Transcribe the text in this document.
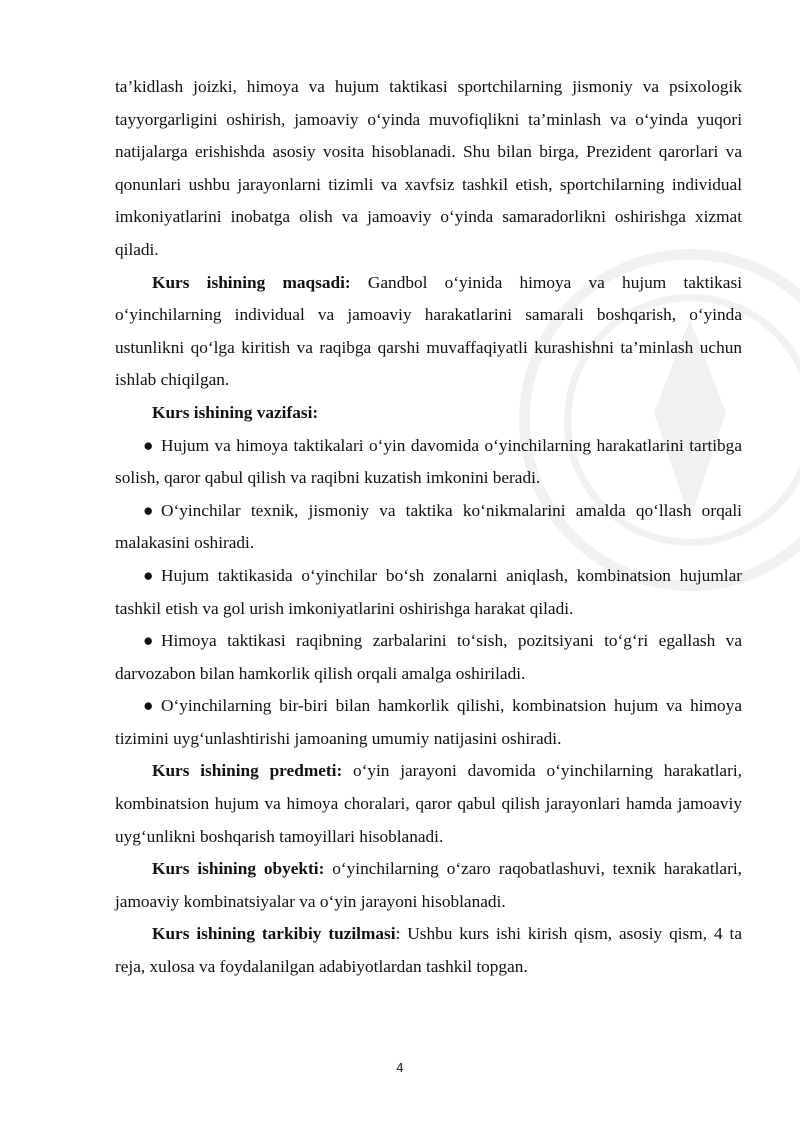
ta’kidlash joizki, himoya va hujum taktikasi sportchilarning jismoniy va psixologik tayyorgarligini oshirish, jamoaviy o‘yinda muvofiqlikni ta’minlash va o‘yinda yuqori natijalarga erishishda asosiy vosita hisoblanadi. Shu bilan birga, Prezident qarorlari va qonunlari ushbu jarayonlarni tizimli va xavfsiz tashkil etish, sportchilarning individual imkoniyatlarini inobatga olish va jamoaviy o‘yinda samaradorlikni oshirishga xizmat qiladi.

Kurs ishining maqsadi: Gandbol o‘yinida himoya va hujum taktikasi o‘yinchilarning individual va jamoaviy harakatlarini samarali boshqarish, o‘yinda ustunlikni qo‘lga kiritish va raqibga qarshi muvaffaqiyatli kurashishni ta’minlash uchun ishlab chiqilgan.

Kurs ishining vazifasi:

● Hujum va himoya taktikalari o‘yin davomida o‘yinchilarning harakatlarini tartibga solish, qaror qabul qilish va raqibni kuzatish imkonini beradi.

● O‘yinchilar texnik, jismoniy va taktika ko‘nikmalarini amalda qo‘llash orqali malakasini oshiradi.

● Hujum taktikasida o‘yinchilar bo‘sh zonalarni aniqlash, kombinatsion hujumlar tashkil etish va gol urish imkoniyatlarini oshirishga harakat qiladi.

● Himoya taktikasi raqibning zarbalarini to‘sish, pozitsiyani to‘g‘ri egallash va darvozabon bilan hamkorlik qilish orqali amalga oshiriladi.

● O‘yinchilarning bir-biri bilan hamkorlik qilishi, kombinatsion hujum va himoya tizimini uyg‘unlashtirishi jamoaning umumiy natijasini oshiradi.

Kurs ishining predmeti: o‘yin jarayoni davomida o‘yinchilarning harakatlari, kombinatsion hujum va himoya choralari, qaror qabul qilish jarayonlari hamda jamoaviy uyg‘unlikni boshqarish tamoyillari hisoblanadi.

Kurs ishining obyekti: o‘yinchilarning o‘zaro raqobatlashuvi, texnik harakatlari, jamoaviy kombinatsiyalar va o‘yin jarayoni hisoblanadi.

Kurs ishining tarkibiy tuzilmasi: Ushbu kurs ishi kirish qism, asosiy qism, 4 ta reja, xulosa va foydalanilgan adabiyotlardan tashkil topgan.

4
